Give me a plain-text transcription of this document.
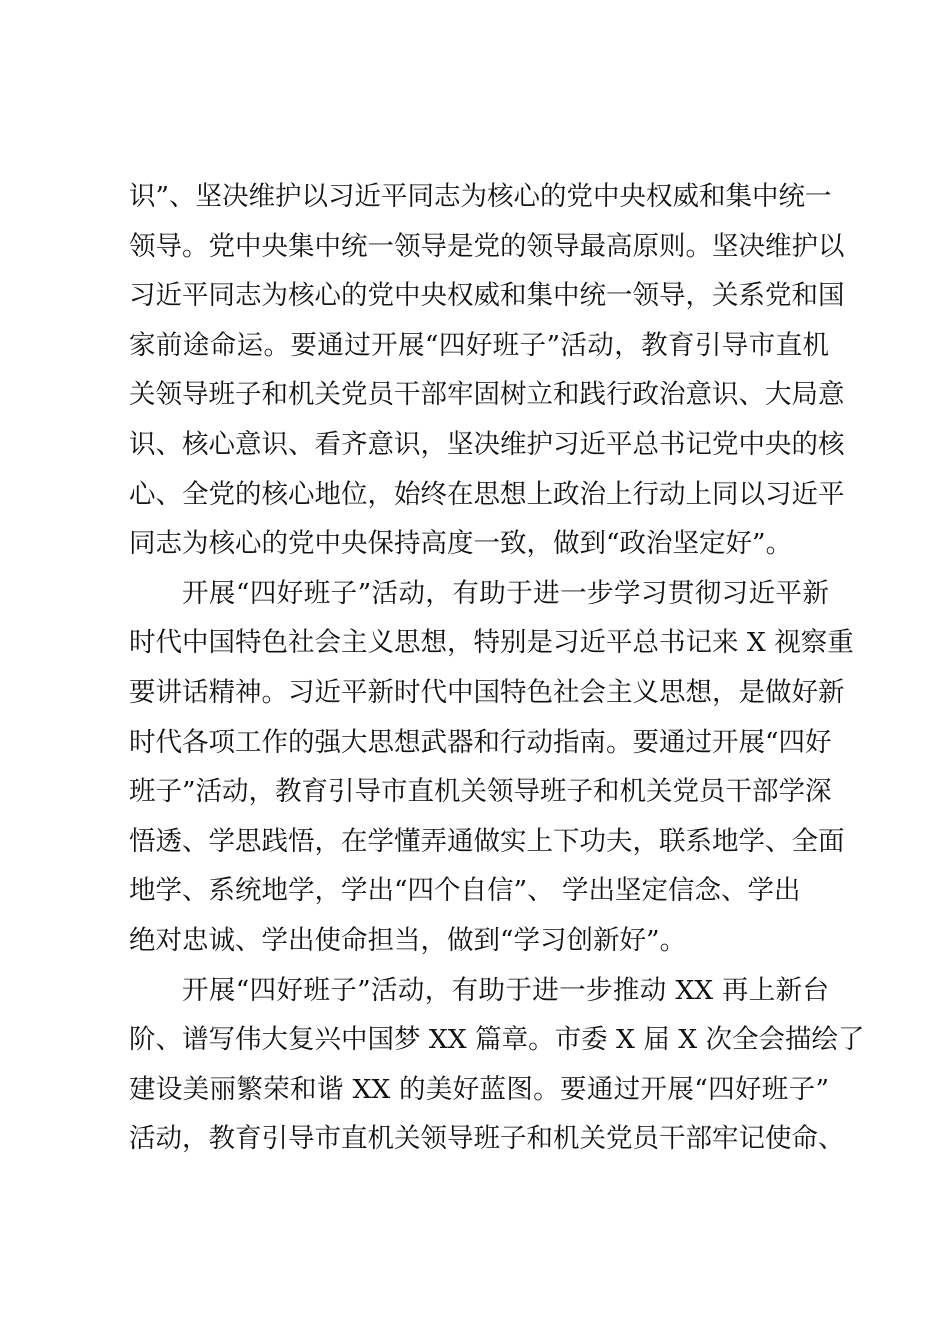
识”、坚决维护以习近平同志为核心的党中央权威和集中统一
领导。党中央集中统一领导是党的领导最高原则。坚决维护以
习近平同志为核心的党中央权威和集中统一领导，关系党和国
家前途命运。要通过开展“四好班子”活动，教育引导市直机
关领导班子和机关党员干部牢固树立和践行政治意识、大局意
识、核心意识、看齐意识，坚决维护习近平总书记党中央的核
心、全党的核心地位，始终在思想上政治上行动上同以习近平
同志为核心的党中央保持高度一致，做到“政治坚定好”。
开展“四好班子”活动，有助于进一步学习贯彻习近平新
时代中国特色社会主义思想，特别是习近平总书记来 X 视察重
要讲话精神。习近平新时代中国特色社会主义思想，是做好新
时代各项工作的强大思想武器和行动指南。要通过开展“四好
班子”活动，教育引导市直机关领导班子和机关党员干部学深
悟透、学思践悟，在学懂弄通做实上下功夫，联系地学、全面
地学、系统地学，学出“四个自信”、 学出坚定信念、学出
绝对忠诚、学出使命担当，做到“学习创新好”。
开展“四好班子”活动，有助于进一步推动 XX 再上新台
阶、谱写伟大复兴中国梦 XX 篇章。市委 X 届 X 次全会描绘了
建设美丽繁荣和谐 XX 的美好蓝图。要通过开展“四好班子”
活动，教育引导市直机关领导班子和机关党员干部牢记使命、
